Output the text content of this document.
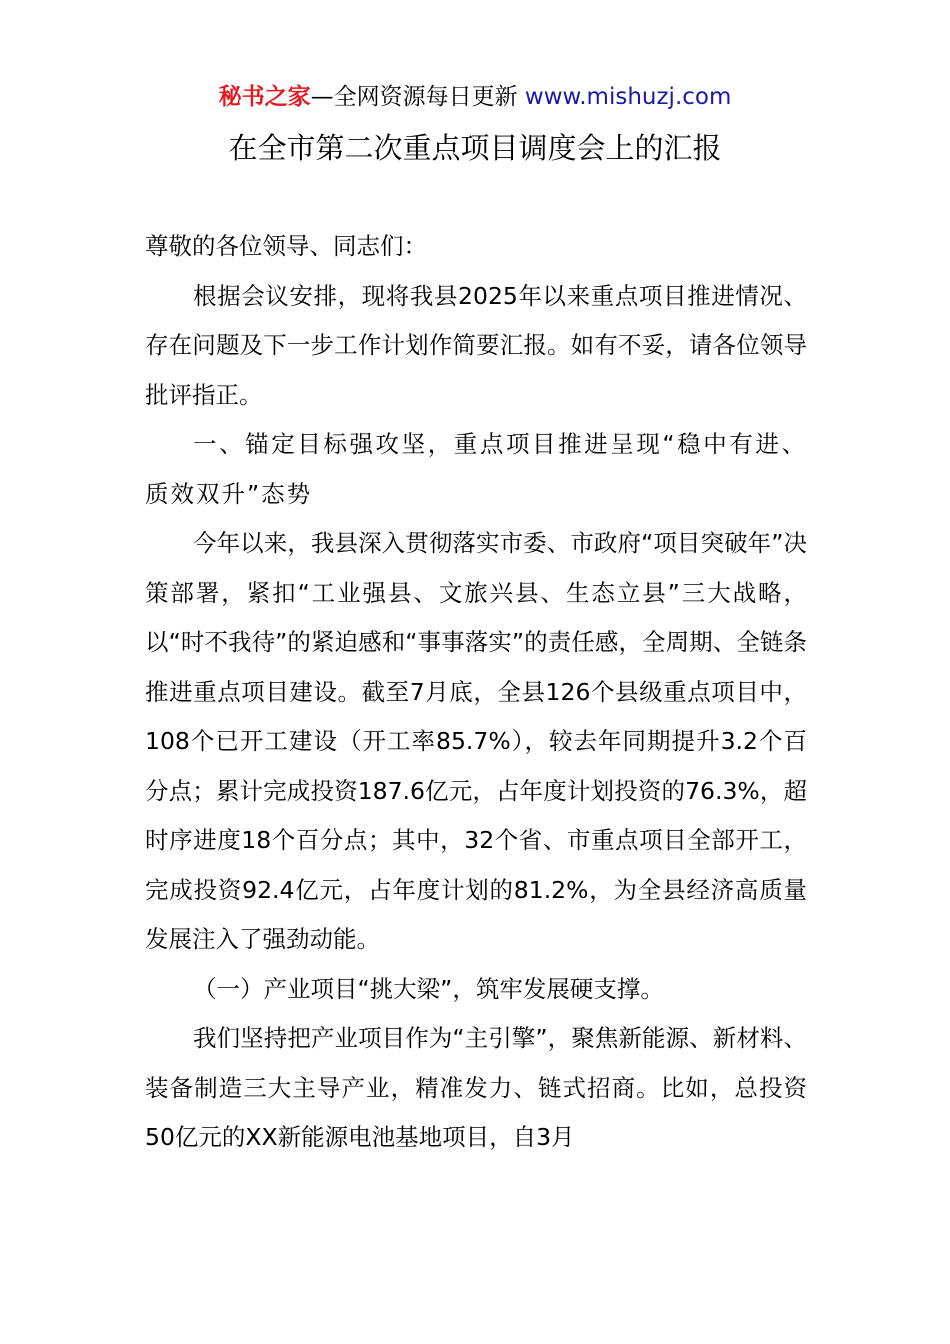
秘书之家—全网资源每日更新 www.mishuzj.com
在全市第二次重点项目调度会上的汇报

尊敬的各位领导、同志们：

根据会议安排，现将我县2025年以来重点项目推进情况、存在问题及下一步工作计划作简要汇报。如有不妥，请各位领导批评指正。

一、锚定目标强攻坚，重点项目推进呈现“稳中有进、质效双升”态势

今年以来，我县深入贯彻落实市委、市政府“项目突破年”决策部署，紧扣“工业强县、文旅兴县、生态立县”三大战略，以“时不我待”的紧迫感和“事事落实”的责任感，全周期、全链条推进重点项目建设。截至7月底，全县126个县级重点项目中，108个已开工建设（开工率85.7%），较去年同期提升3.2个百分点；累计完成投资187.6亿元，占年度计划投资的76.3%，超时序进度18个百分点；其中，32个省、市重点项目全部开工，完成投资92.4亿元，占年度计划的81.2%，为全县经济高质量发展注入了强劲动能。

（一）产业项目“挑大梁”，筑牢发展硬支撑。

我们坚持把产业项目作为“主引擎”，聚焦新能源、新材料、装备制造三大主导产业，精准发力、链式招商。比如，总投资50亿元的XX新能源电池基地项目，自3月
